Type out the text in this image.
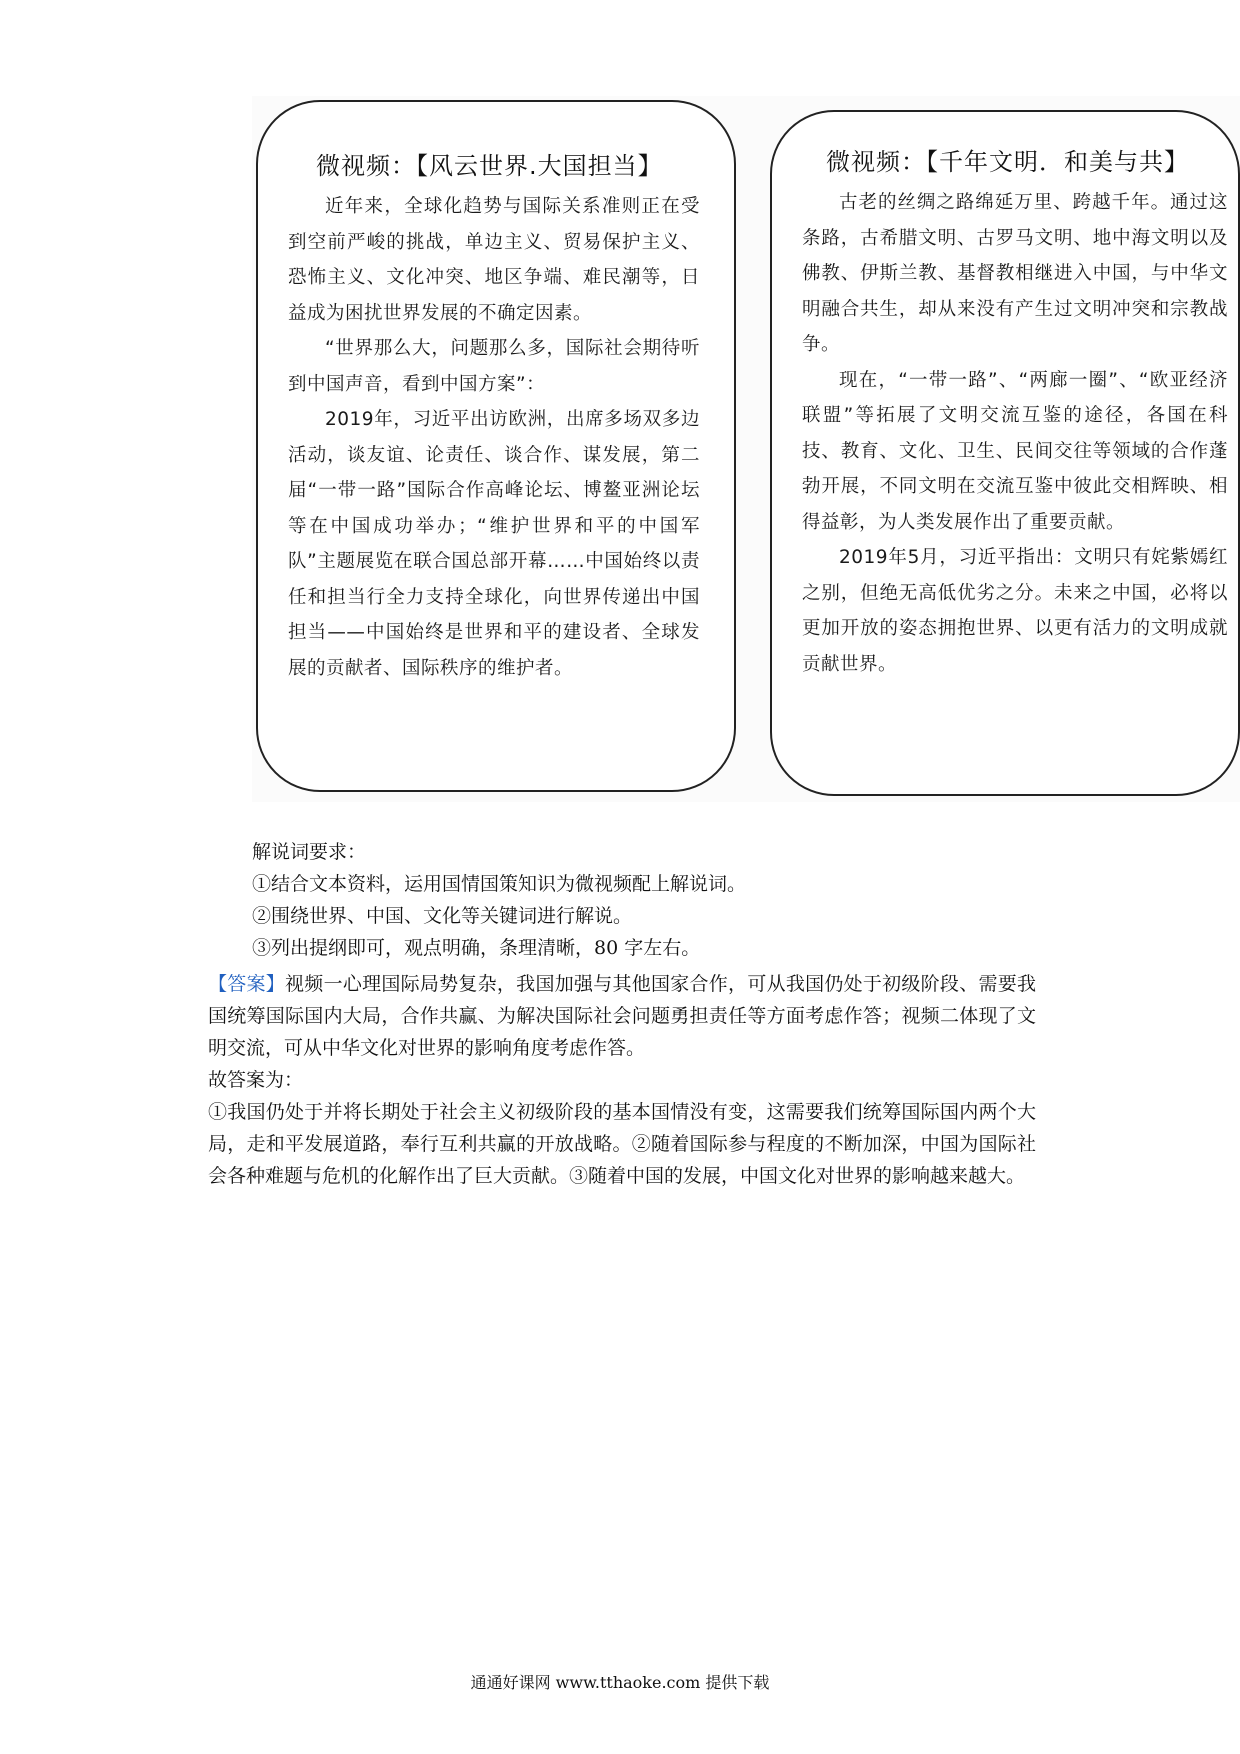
微视频：【风云世界.大国担当】

近年来，全球化趋势与国际关系准则正在受到空前严峻的挑战，单边主义、贸易保护主义、恐怖主义、文化冲突、地区争端、难民潮等，日益成为困扰世界发展的不确定因素。

“世界那么大，问题那么多，国际社会期待听到中国声音，看到中国方案”：

2019年，习近平出访欧洲，出席多场双多边活动，谈友谊、论责任、谈合作、谋发展，第二届“一带一路”国际合作高峰论坛、博鳌亚洲论坛等在中国成功举办；“维护世界和平的中国军队”主题展览在联合国总部开幕……中国始终以责任和担当行全力支持全球化，向世界传递出中国担当——中国始终是世界和平的建设者、全球发展的贡献者、国际秩序的维护者。

微视频：【千年文明．和美与共】

古老的丝绸之路绵延万里、跨越千年。通过这条路，古希腊文明、古罗马文明、地中海文明以及佛教、伊斯兰教、基督教相继进入中国，与中华文明融合共生，却从来没有产生过文明冲突和宗教战争。

现在，“一带一路”、“两廊一圈”、“欧亚经济联盟”等拓展了文明交流互鉴的途径，各国在科技、教育、文化、卫生、民间交往等领域的合作蓬勃开展，不同文明在交流互鉴中彼此交相辉映、相得益彰，为人类发展作出了重要贡献。

2019年5月，习近平指出：文明只有姹紫嫣红之别，但绝无高低优劣之分。未来之中国，必将以更加开放的姿态拥抱世界、以更有活力的文明成就贡献世界。

解说词要求：

①结合文本资料，运用国情国策知识为微视频配上解说词。

②围绕世界、中国、文化等关键词进行解说。

③列出提纲即可，观点明确，条理清晰，80 字左右。

【答案】视频一心理国际局势复杂，我国加强与其他国家合作，可从我国仍处于初级阶段、需要我国统筹国际国内大局，合作共赢、为解决国际社会问题勇担责任等方面考虑作答；视频二体现了文明交流，可从中华文化对世界的影响角度考虑作答。

故答案为：

①我国仍处于并将长期处于社会主义初级阶段的基本国情没有变，这需要我们统筹国际国内两个大局，走和平发展道路，奉行互利共赢的开放战略。②随着国际参与程度的不断加深，中国为国际社会各种难题与危机的化解作出了巨大贡献。③随着中国的发展，中国文化对世界的影响越来越大。

通通好课网 www.tthaoke.com 提供下载
